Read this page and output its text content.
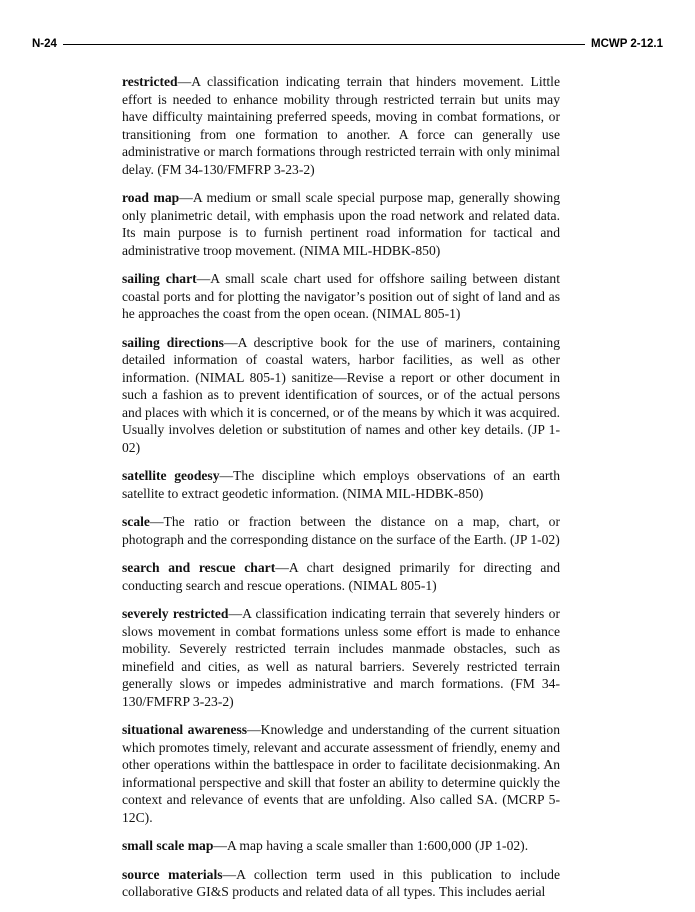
N-24	MCWP 2-12.1

restricted—A classification indicating terrain that hinders movement. Little effort is needed to enhance mobility through restricted terrain but units may have difficulty maintaining preferred speeds, moving in combat formations, or transitioning from one formation to another. A force can generally use administrative or march formations through restricted terrain with only minimal delay. (FM 34-130/FMFRP 3-23-2)

road map—A medium or small scale special purpose map, generally showing only planimetric detail, with emphasis upon the road network and related data. Its main purpose is to furnish pertinent road information for tactical and administrative troop movement. (NIMA MIL-HDBK-850)

sailing chart—A small scale chart used for offshore sailing between distant coastal ports and for plotting the navigator’s position out of sight of land and as he approaches the coast from the open ocean. (NIMAL 805-1)

sailing directions—A descriptive book for the use of mariners, containing detailed information of coastal waters, harbor facilities, as well as other information. (NIMAL 805-1) sanitize—Revise a report or other document in such a fashion as to prevent identification of sources, or of the actual persons and places with which it is concerned, or of the means by which it was acquired. Usually involves deletion or substitution of names and other key details. (JP 1-02)

satellite geodesy—The discipline which employs observations of an earth satellite to extract geodetic information. (NIMA MIL-HDBK-850)

scale—The ratio or fraction between the distance on a map, chart, or photograph and the corresponding distance on the surface of the Earth. (JP 1-02)

search and rescue chart—A chart designed primarily for directing and conducting search and rescue operations. (NIMAL 805-1)

severely restricted—A classification indicating terrain that severely hinders or slows movement in combat formations unless some effort is made to enhance mobility. Severely restricted terrain includes manmade obstacles, such as minefield and cities, as well as natural barriers. Severely restricted terrain generally slows or impedes administrative and march formations. (FM 34-130/FMFRP 3-23-2)

situational awareness—Knowledge and understanding of the current situation which promotes timely, relevant and accurate assessment of friendly, enemy and other operations within the battlespace in order to facilitate decisionmaking. An informational perspective and skill that foster an ability to determine quickly the context and relevance of events that are unfolding. Also called SA. (MCRP 5-12C).

small scale map—A map having a scale smaller than 1:600,000 (JP 1-02).

source materials—A collection term used in this publication to include collaborative GI&S products and related data of all types. This includes aerial
